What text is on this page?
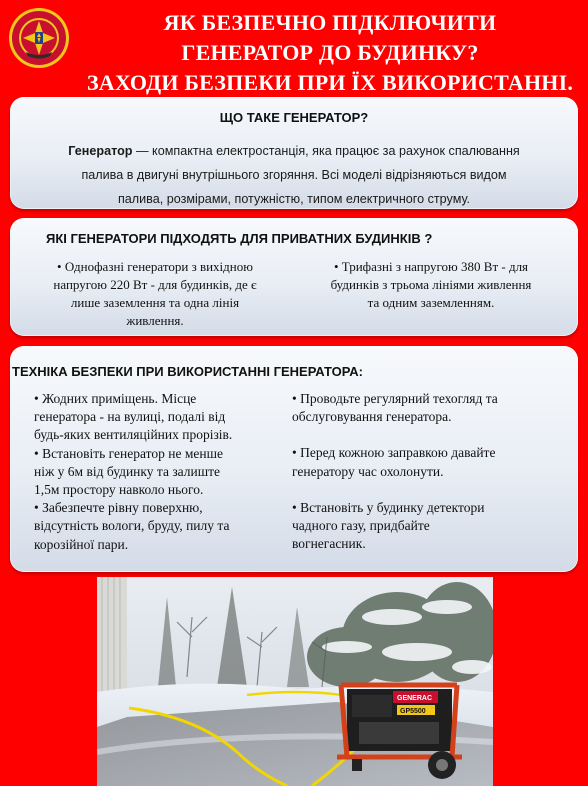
ЯК БЕЗПЕЧНО ПІДКЛЮЧИТИ
ГЕНЕРАТОР ДО БУДИНКУ?
ЗАХОДИ БЕЗПЕКИ ПРИ ЇХ ВИКОРИСТАННІ.
ЩО ТАКЕ ГЕНЕРАТОР?
Генератор — компактна електростанція, яка працює за рахунок спалювання
палива в двигуні внутрішнього згоряння. Всі моделі відрізняються видом
палива, розмірами, потужністю, типом електричного струму.
ЯКІ ГЕНЕРАТОРИ ПІДХОДЯТЬ ДЛЯ ПРИВАТНИХ БУДИНКІВ ?
• Однофазні генератори з вихідною
напругою 220 Вт - для будинків, де є
лише заземлення та одна лінія
живлення.
• Трифазні з напругою 380 Вт - для
будинків з трьома лініями живлення
та одним заземленням.
ТЕХНІКА БЕЗПЕКИ ПРИ ВИКОРИСТАННІ ГЕНЕРАТОРА:

• Жодних приміщень. Місце
генератора - на вулиці, подалі від
будь-яких вентиляційних прорізів.

• Встановіть генератор не менше
ніж у 6м від будинку та залиште
1,5м простору навколо нього.

• Забезпечте рівну поверхню,
відсутність вологи, бруду, пилу та
корозійної пари.

• Проводьте регулярний техогляд та
обслуговування генератора.

• Перед кожною заправкою давайте
генератору час охолонути.

• Встановіть у будинку детектори
чадного газу, придбайте
вогнегасник.

GENERAC
GP5500
